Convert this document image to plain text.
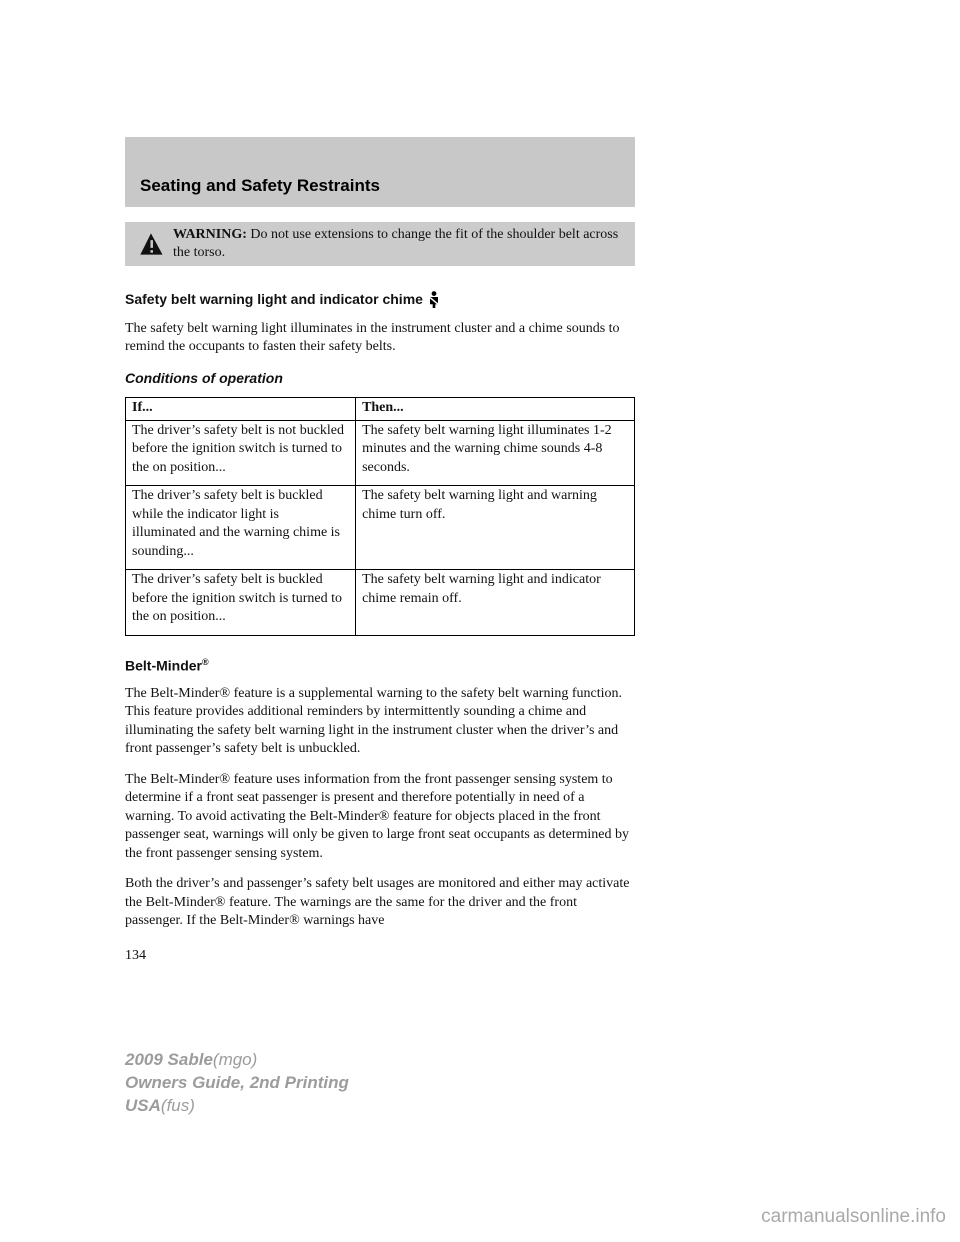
Seating and Safety Restraints
WARNING: Do not use extensions to change the fit of the shoulder belt across the torso.
Safety belt warning light and indicator chime

The safety belt warning light illuminates in the instrument cluster and a chime sounds to remind the occupants to fasten their safety belts.

Conditions of operation
If...	Then...
The driver’s safety belt is not buckled before the ignition switch is turned to the on position...	The safety belt warning light illuminates 1-2 minutes and the warning chime sounds 4-8 seconds.
The driver’s safety belt is buckled while the indicator light is illuminated and the warning chime is sounding...	The safety belt warning light and warning chime turn off.
The driver’s safety belt is buckled before the ignition switch is turned to the on position...	The safety belt warning light and indicator chime remain off.
Belt-Minder®

The Belt-Minder® feature is a supplemental warning to the safety belt warning function. This feature provides additional reminders by intermittently sounding a chime and illuminating the safety belt warning light in the instrument cluster when the driver’s and front passenger’s safety belt is unbuckled.

The Belt-Minder® feature uses information from the front passenger sensing system to determine if a front seat passenger is present and therefore potentially in need of a warning. To avoid activating the Belt-Minder® feature for objects placed in the front passenger seat, warnings will only be given to large front seat occupants as determined by the front passenger sensing system.

Both the driver’s and passenger’s safety belt usages are monitored and either may activate the Belt-Minder® feature. The warnings are the same for the driver and the front passenger. If the Belt-Minder® warnings have

134
2009 Sable(mgo)
Owners Guide, 2nd Printing
USA(fus)
carmanualsonline.info
